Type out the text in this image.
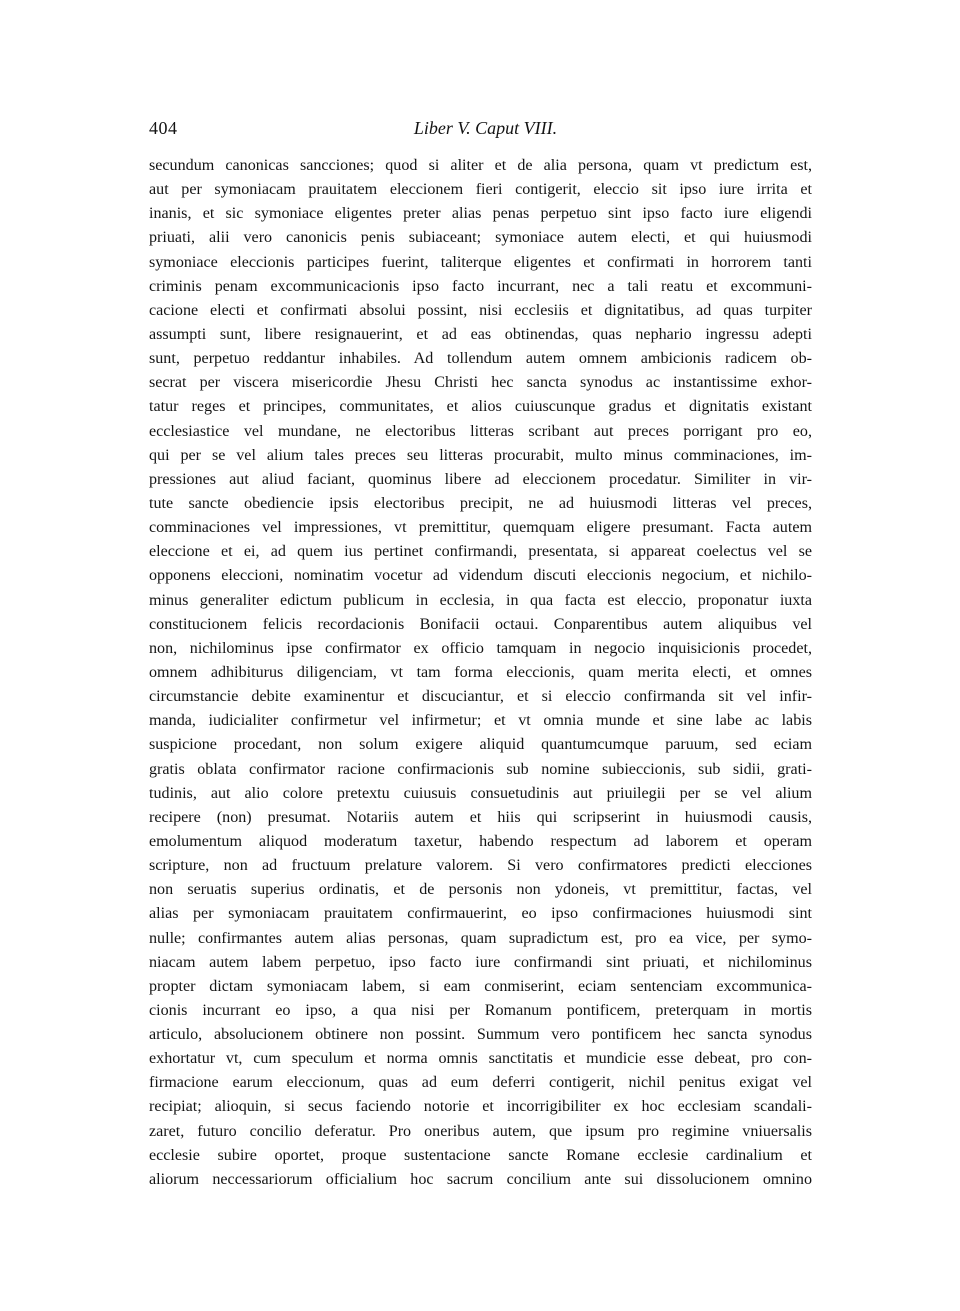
404	Liber V. Caput VIII.
secundum canonicas sancciones; quod si aliter et de alia persona, quam vt predictum est,
aut per symoniacam prauitatem eleccionem fieri contigerit, eleccio sit ipso iure irrita et
inanis, et sic symoniace eligentes preter alias penas perpetuo sint ipso facto iure eligendi
priuati, alii vero canonicis penis subiaceant; symoniace autem electi, et qui huiusmodi
symoniace eleccionis participes fuerint, taliterque eligentes et confirmati in horrorem tanti
criminis penam excommunicacionis ipso facto incurrant, nec a tali reatu et excommuni-
cacione electi et confirmati absolui possint, nisi ecclesiis et dignitatibus, ad quas turpiter
assumpti sunt, libere resignauerint, et ad eas obtinendas, quas nephario ingressu adepti
sunt, perpetuo reddantur inhabiles. Ad tollendum autem omnem ambicionis radicem ob-
secrat per viscera misericordie Jhesu Christi hec sancta synodus ac instantissime exhor-
tatur reges et principes, communitates, et alios cuiuscunque gradus et dignitatis existant
ecclesiastice vel mundane, ne electoribus litteras scribant aut preces porrigant pro eo,
qui per se vel alium tales preces seu litteras procurabit, multo minus comminaciones, im-
pressiones aut aliud faciant, quominus libere ad eleccionem procedatur. Similiter in vir-
tute sancte obediencie ipsis electoribus precipit, ne ad huiusmodi litteras vel preces,
comminaciones vel impressiones, vt premittitur, quemquam eligere presumant. Facta autem
eleccione et ei, ad quem ius pertinet confirmandi, presentata, si appareat coelectus vel se
opponens eleccioni, nominatim vocetur ad videndum discuti eleccionis negocium, et nichilo-
minus generaliter edictum publicum in ecclesia, in qua facta est eleccio, proponatur iuxta
constitucionem felicis recordacionis Bonifacii octaui. Conparentibus autem aliquibus vel
non, nichilominus ipse confirmator ex officio tamquam in negocio inquisicionis procedet,
omnem adhibiturus diligenciam, vt tam forma eleccionis, quam merita electi, et omnes
circumstancie debite examinentur et discuciantur, et si eleccio confirmanda sit vel infir-
manda, iudicialiter confirmetur vel infirmetur; et vt omnia munde et sine labe ac labis
suspicione procedant, non solum exigere aliquid quantumcumque paruum, sed eciam
gratis oblata confirmator racione confirmacionis sub nomine subieccionis, sub sidii, grati-
tudinis, aut alio colore pretextu cuiusuis consuetudinis aut priuilegii per se vel alium
recipere (non) presumat. Notariis autem et hiis qui scripserint in huiusmodi causis,
emolumentum aliquod moderatum taxetur, habendo respectum ad laborem et operam
scripture, non ad fructuum prelature valorem. Si vero confirmatores predicti elecciones
non seruatis superius ordinatis, et de personis non ydoneis, vt premittitur, factas, vel
alias per symoniacam prauitatem confirmauerint, eo ipso confirmaciones huiusmodi sint
nulle; confirmantes autem alias personas, quam supradictum est, pro ea vice, per symo-
niacam autem labem perpetuo, ipso facto iure confirmandi sint priuati, et nichilominus
propter dictam symoniacam labem, si eam conmiserint, eciam sentenciam excommunica-
cionis incurrant eo ipso, a qua nisi per Romanum pontificem, preterquam in mortis
articulo, absolucionem obtinere non possint. Summum vero pontificem hec sancta synodus
exhortatur vt, cum speculum et norma omnis sanctitatis et mundicie esse debeat, pro con-
firmacione earum eleccionum, quas ad eum deferri contigerit, nichil penitus exigat vel
recipiat; alioquin, si secus faciendo notorie et incorrigibiliter ex hoc ecclesiam scandali-
zaret, futuro concilio deferatur. Pro oneribus autem, que ipsum pro regimine vniuersalis
ecclesie subire oportet, proque sustentacione sancte Romane ecclesie cardinalium et
aliorum neccessariorum officialium hoc sacrum concilium ante sui dissolucionem omnino
